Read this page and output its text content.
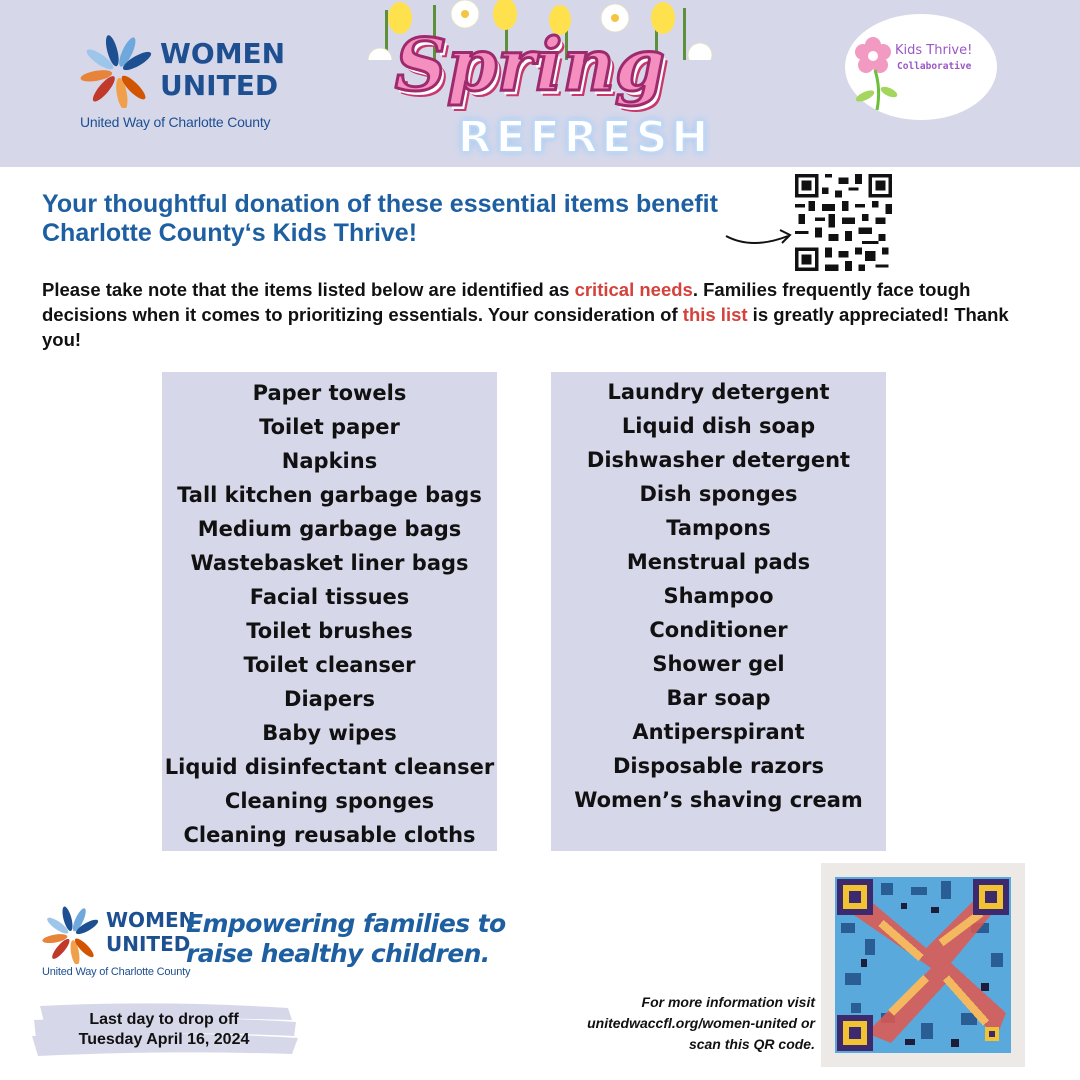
WOMEN
UNITED
United Way of Charlotte County
Spring
REFRESH
Kids Thrive!
Collaborative
Your thoughtful donation of these essential items benefit
Charlotte County‘s Kids Thrive!

Please take note that the items listed below are identified as critical needs. Families frequently face tough decisions when it comes to prioritizing essentials. Your consideration of this list is greatly appreciated! Thank you!

Paper towels
Toilet paper
Napkins
Tall kitchen garbage bags
Medium garbage bags
Wastebasket liner bags
Facial tissues
Toilet brushes
Toilet cleanser
Diapers
Baby wipes
Liquid disinfectant cleanser
Cleaning sponges
Cleaning reusable cloths
Laundry detergent
Liquid dish soap
Dishwasher detergent
Dish sponges
Tampons
Menstrual pads
Shampoo
Conditioner
Shower gel
Bar soap
Antiperspirant
Disposable razors
Women’s shaving cream
WOMEN
UNITED
United Way of Charlotte County
Empowering families to
raise healthy children.
Last day to drop off
Tuesday April 16, 2024
For more information visit
unitedwaccfl.org/women-united or
scan this QR code.
